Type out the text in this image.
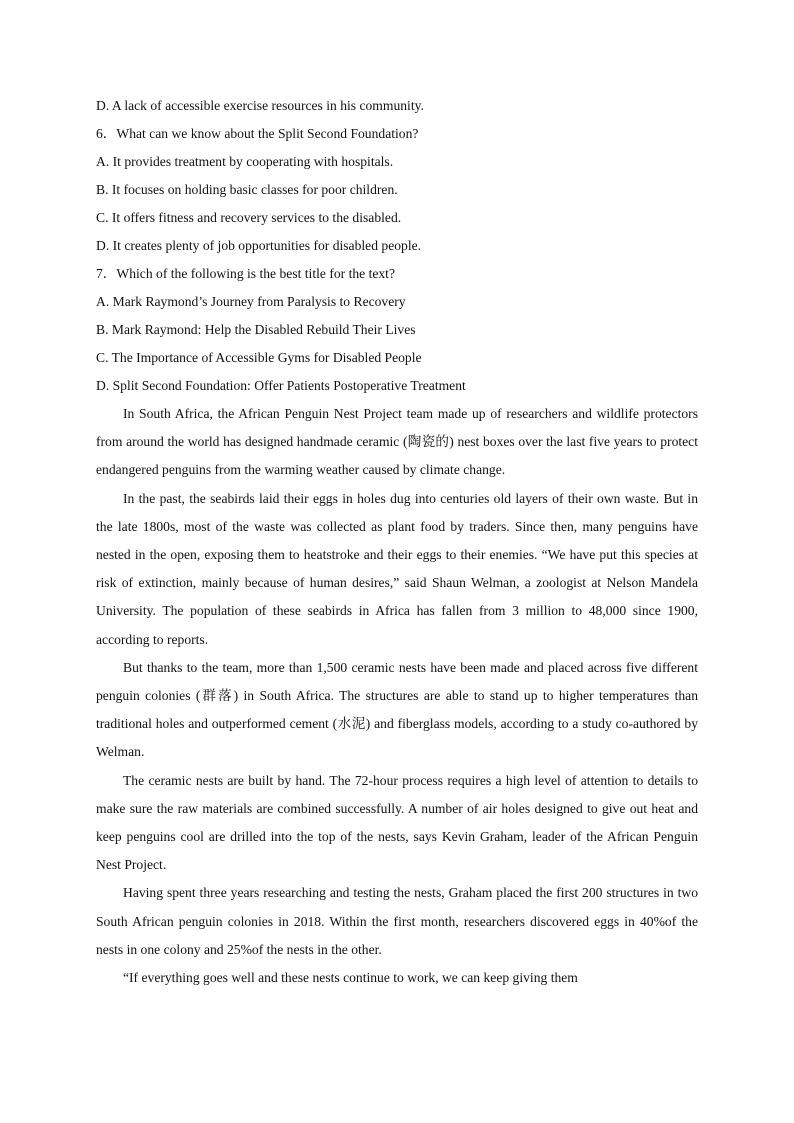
D. A lack of accessible exercise resources in his community.

6．What can we know about the Split Second Foundation?

A. It provides treatment by cooperating with hospitals.

B. It focuses on holding basic classes for poor children.

C. It offers fitness and recovery services to the disabled.

D. It creates plenty of job opportunities for disabled people.

7．Which of the following is the best title for the text?

A. Mark Raymond’s Journey from Paralysis to Recovery

B. Mark Raymond: Help the Disabled Rebuild Their Lives

C. The Importance of Accessible Gyms for Disabled People

D. Split Second Foundation: Offer Patients Postoperative Treatment

In South Africa, the African Penguin Nest Project team made up of researchers and wildlife protectors from around the world has designed handmade ceramic (陶瓷的) nest boxes over the last five years to protect endangered penguins from the warming weather caused by climate change.

In the past, the seabirds laid their eggs in holes dug into centuries old layers of their own waste. But in the late 1800s, most of the waste was collected as plant food by traders. Since then, many penguins have nested in the open, exposing them to heatstroke and their eggs to their enemies. “We have put this species at risk of extinction, mainly because of human desires,” said Shaun Welman, a zoologist at Nelson Mandela University. The population of these seabirds in Africa has fallen from 3 million to 48,000 since 1900, according to reports.

But thanks to the team, more than 1,500 ceramic nests have been made and placed across five different penguin colonies (群落) in South Africa. The structures are able to stand up to higher temperatures than traditional holes and outperformed cement (水泥) and fiberglass models, according to a study co-authored by Welman.

The ceramic nests are built by hand. The 72-hour process requires a high level of attention to details to make sure the raw materials are combined successfully. A number of air holes designed to give out heat and keep penguins cool are drilled into the top of the nests, says Kevin Graham, leader of the African Penguin Nest Project.

Having spent three years researching and testing the nests, Graham placed the first 200 structures in two South African penguin colonies in 2018. Within the first month, researchers discovered eggs in 40%of the nests in one colony and 25%of the nests in the other.

“If everything goes well and these nests continue to work, we can keep giving them
